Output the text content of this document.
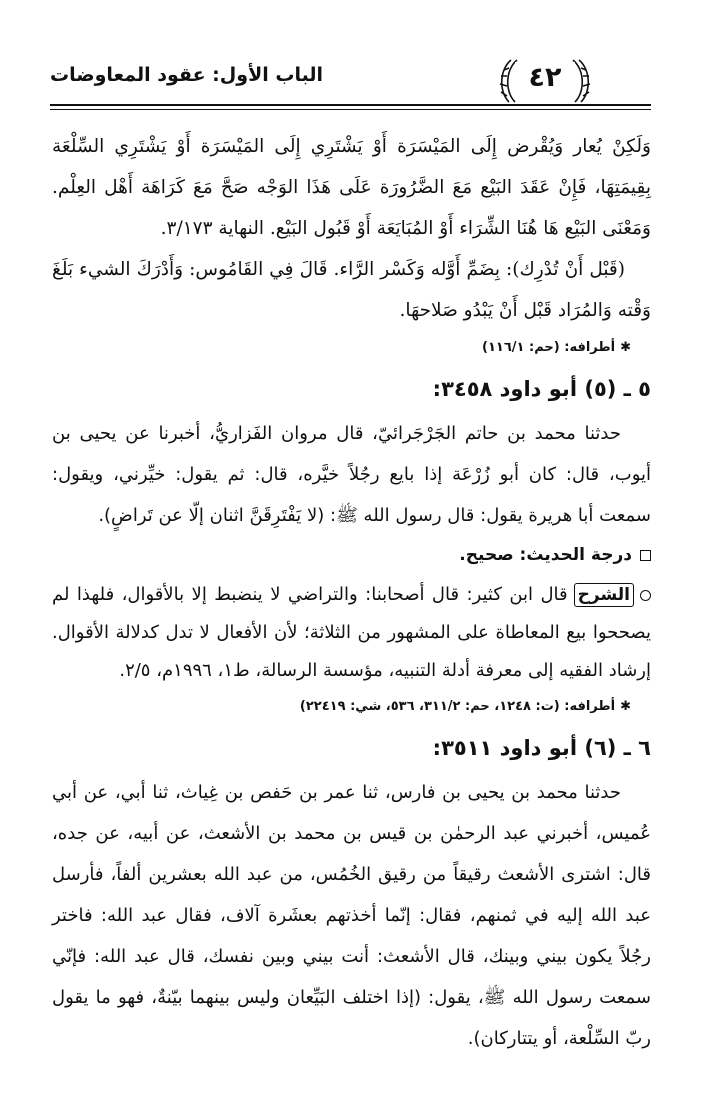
الباب الأول: عقود المعاوضات	٤٢

وَلَكِنْ يُعار وَيُقْرض إِلَى المَيْسَرَة أَوْ يَشْتَرِي إِلَى المَيْسَرَة أَوْ يَشْتَرِي السِّلْعَة بِقِيمَتِهَا، فَإِنْ عَقَدَ البَيْع مَعَ الضَّرُورَة عَلَى هَذَا الوَجْه صَحَّ مَعَ كَرَاهَة أَهْل العِلْم. وَمَعْنَى البَيْع هَا هُنَا الشِّرَاء أَوْ المُبَايَعَة أَوْ قَبُول البَيْع. النهاية ٣/١٧٣.

(قَبْل أَنْ تُدْرِك): بِضَمِّ أَوَّله وَكَسْر الرَّاء. قَالَ فِي القَامُوس: وَأَدْرَكَ الشيء بَلَغَ وَقْته وَالمُرَاد قَبْل أَنْ يَبْدُو صَلاحهَا.

✱أطرافه: (حم: ١١٦/١)

٥ ـ (٥) أبو داود ٣٤٥٨:

حدثنا محمد بن حاتم الجَرْجَرائيّ، قال مروان الفَزاريُّ، أخبرنا عن يحيى بن أيوب، قال: كان أبو زُرْعَة إذا بايع رجُلاً خيَّره، قال: ثم يقول: خيِّرني، ويقول: سمعت أبا هريرة يقول: قال رسول الله ﷺ: (لا يَفْتَرِقَنَّ اثنان إلّا عن تَراضٍ).

درجة الحديث: صحيح.

الشرحقال ابن كثير: قال أصحابنا: والتراضي لا ينضبط إلا بالأقوال، فلهذا لم يصححوا بيع المعاطاة على المشهور من الثلاثة؛ لأن الأفعال لا تدل كدلالة الأقوال. إرشاد الفقيه إلى معرفة أدلة التنبيه، مؤسسة الرسالة، ط١، ١٩٩٦م، ٢/٥.

✱أطرافه: (ت: ١٢٤٨، حم: ٣١١/٢، ٥٣٦، شي: ٢٢٤١٩)

٦ ـ (٦) أبو داود ٣٥١١:

حدثنا محمد بن يحيى بن فارس، ثنا عمر بن حَفص بن غِياث، ثنا أبي، عن أبي عُميس، أخبرني عبد الرحمٰن بن قيس بن محمد بن الأشعث، عن أبيه، عن جده، قال: اشترى الأشعث رقيقاً من رقيق الخُمُس، من عبد الله بعشرين ألفاً، فأرسل عبد الله إليه في ثمنهم، فقال: إنّما أخذتهم بعشَرة آلاف، فقال عبد الله: فاختر رجُلاً يكون بيني وبينك، قال الأشعث: أنت بيني وبين نفسك، قال عبد الله: فإنّي سمعت رسول الله ﷺ، يقول: (إذا اختلف البَيِّعان وليس بينهما بيّنةٌ، فهو ما يقول ربّ السِّلْعة، أو يتتاركان).
